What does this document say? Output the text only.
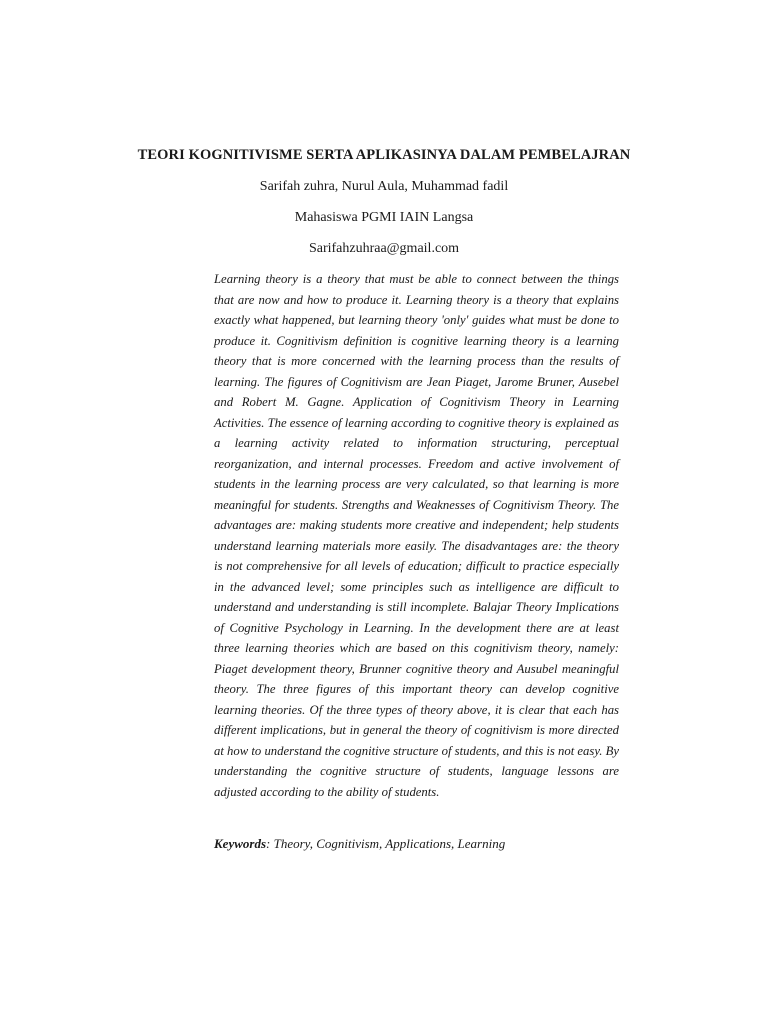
TEORI KOGNITIVISME SERTA APLIKASINYA DALAM PEMBELAJRAN
Sarifah zuhra, Nurul Aula, Muhammad fadil
Mahasiswa PGMI IAIN Langsa
Sarifahzuhraa@gmail.com

Learning theory is a theory that must be able to connect between the things that are now and how to produce it. Learning theory is a theory that explains exactly what happened, but learning theory 'only' guides what must be done to produce it. Cognitivism definition is cognitive learning theory is a learning theory that is more concerned with the learning process than the results of learning. The figures of Cognitivism are Jean Piaget, Jarome Bruner, Ausebel and Robert M. Gagne. Application of Cognitivism Theory in Learning Activities. The essence of learning according to cognitive theory is explained as a learning activity related to information structuring, perceptual reorganization, and internal processes. Freedom and active involvement of students in the learning process are very calculated, so that learning is more meaningful for students. Strengths and Weaknesses of Cognitivism Theory. The advantages are: making students more creative and independent; help students understand learning materials more easily. The disadvantages are: the theory is not comprehensive for all levels of education; difficult to practice especially in the advanced level; some principles such as intelligence are difficult to understand and understanding is still incomplete. Balajar Theory Implications of Cognitive Psychology in Learning. In the development there are at least three learning theories which are based on this cognitivism theory, namely: Piaget development theory, Brunner cognitive theory and Ausubel meaningful theory. The three figures of this important theory can develop cognitive learning theories. Of the three types of theory above, it is clear that each has different implications, but in general the theory of cognitivism is more directed at how to understand the cognitive structure of students, and this is not easy. By understanding the cognitive structure of students, language lessons are adjusted according to the ability of students.

Keywords: Theory, Cognitivism, Applications, Learning
